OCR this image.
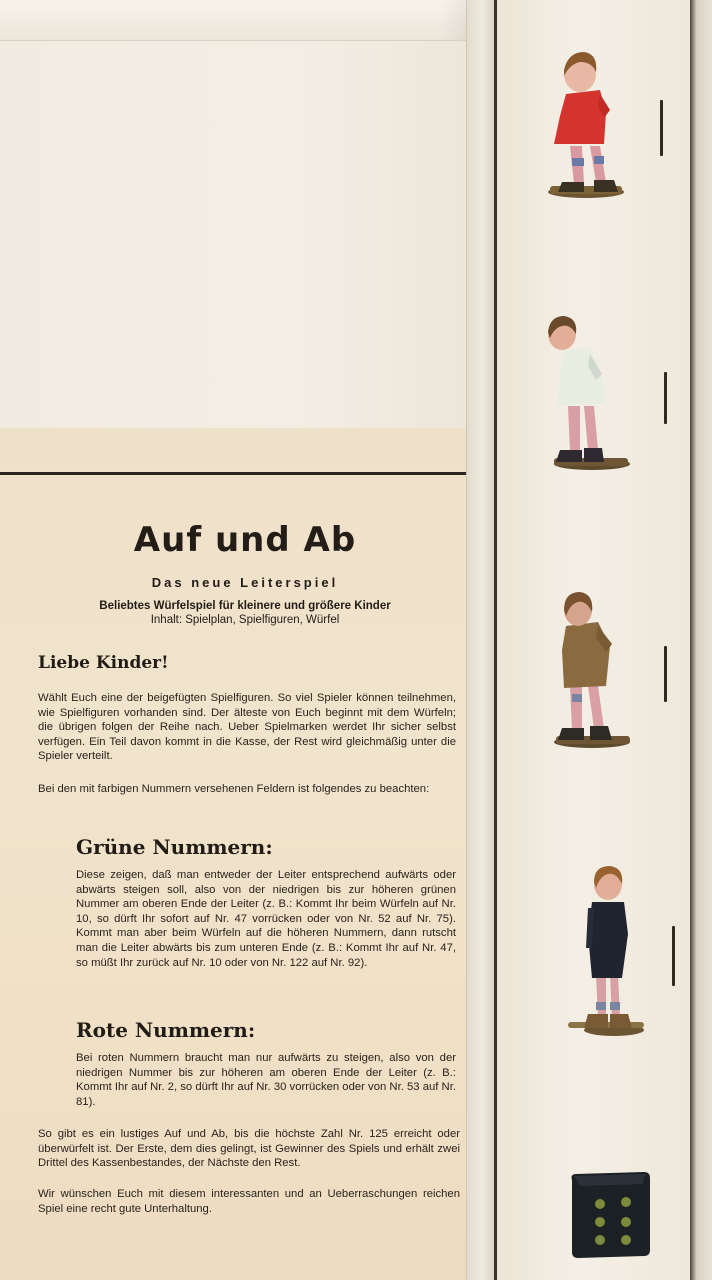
Auf und Ab
Das neue Leiterspiel
Beliebtes Würfelspiel für kleinere und größere Kinder
Inhalt: Spielplan, Spielfiguren, Würfel
Liebe Kinder!
Wählt Euch eine der beigefügten Spielfiguren. So viel Spieler können teilnehmen, wie Spielfiguren vorhanden sind. Der älteste von Euch beginnt mit dem Würfeln; die übrigen folgen der Reihe nach. Ueber Spielmarken werdet Ihr sicher selbst verfügen. Ein Teil davon kommt in die Kasse, der Rest wird gleichmäßig unter die Spieler verteilt.
Bei den mit farbigen Nummern versehenen Feldern ist folgendes zu beachten:
Grüne Nummern:
Diese zeigen, daß man entweder der Leiter entsprechend aufwärts oder abwärts steigen soll, also von der niedrigen bis zur höheren grünen Nummer am oberen Ende der Leiter (z. B.: Kommt Ihr beim Würfeln auf Nr. 10, so dürft Ihr sofort auf Nr. 47 vorrücken oder von Nr. 52 auf Nr. 75). Kommt man aber beim Würfeln auf die höheren Nummern, dann rutscht man die Leiter abwärts bis zum unteren Ende (z. B.: Kommt Ihr auf Nr. 47, so müßt Ihr zurück auf Nr. 10 oder von Nr. 122 auf Nr. 92).
Rote Nummern:
Bei roten Nummern braucht man nur aufwärts zu steigen, also von der niedrigen Nummer bis zur höheren am oberen Ende der Leiter (z. B.: Kommt Ihr auf Nr. 2, so dürft Ihr auf Nr. 30 vorrücken oder von Nr. 53 auf Nr. 81).
So gibt es ein lustiges Auf und Ab, bis die höchste Zahl Nr. 125 erreicht oder überwürfelt ist. Der Erste, dem dies gelingt, ist Gewinner des Spiels und erhält zwei Drittel des Kassenbestandes, der Nächste den Rest.
Wir wünschen Euch mit diesem interessanten und an Ueberraschungen reichen Spiel eine recht gute Unterhaltung.
